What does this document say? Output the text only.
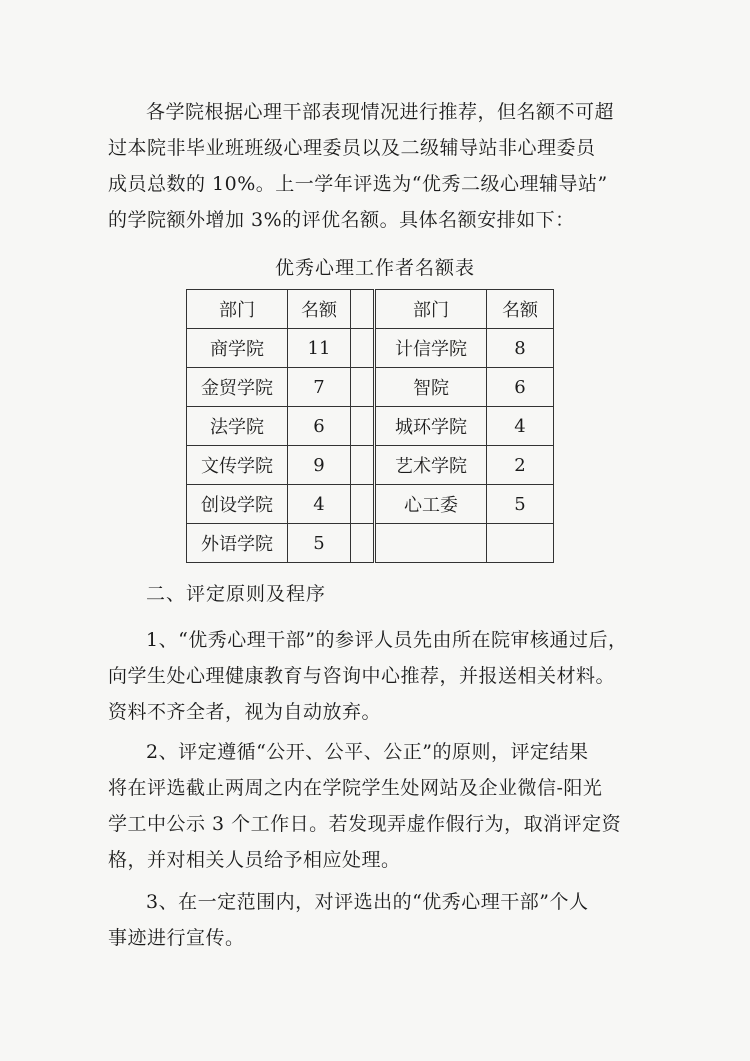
各学院根据心理干部表现情况进行推荐，但名额不可超
过本院非毕业班班级心理委员以及二级辅导站非心理委员
成员总数的 10%。上一学年评选为“优秀二级心理辅导站”
的学院额外增加 3%的评优名额。具体名额安排如下：
优秀心理工作者名额表
部门	名额	
商学院	11	
金贸学院	7	
法学院	6	
文传学院	9	
创设学院	4	
外语学院	5	
部门	名额
计信学院	8
智院	6
城环学院	4
艺术学院	2
心工委	5

二、评定原则及程序
1、“优秀心理干部”的参评人员先由所在院审核通过后，
向学生处心理健康教育与咨询中心推荐，并报送相关材料。
资料不齐全者，视为自动放弃。
2、评定遵循“公开、公平、公正”的原则，评定结果
将在评选截止两周之内在学院学生处网站及企业微信-阳光
学工中公示 3 个工作日。若发现弄虚作假行为，取消评定资
格，并对相关人员给予相应处理。
3、在一定范围内，对评选出的“优秀心理干部”个人
事迹进行宣传。
